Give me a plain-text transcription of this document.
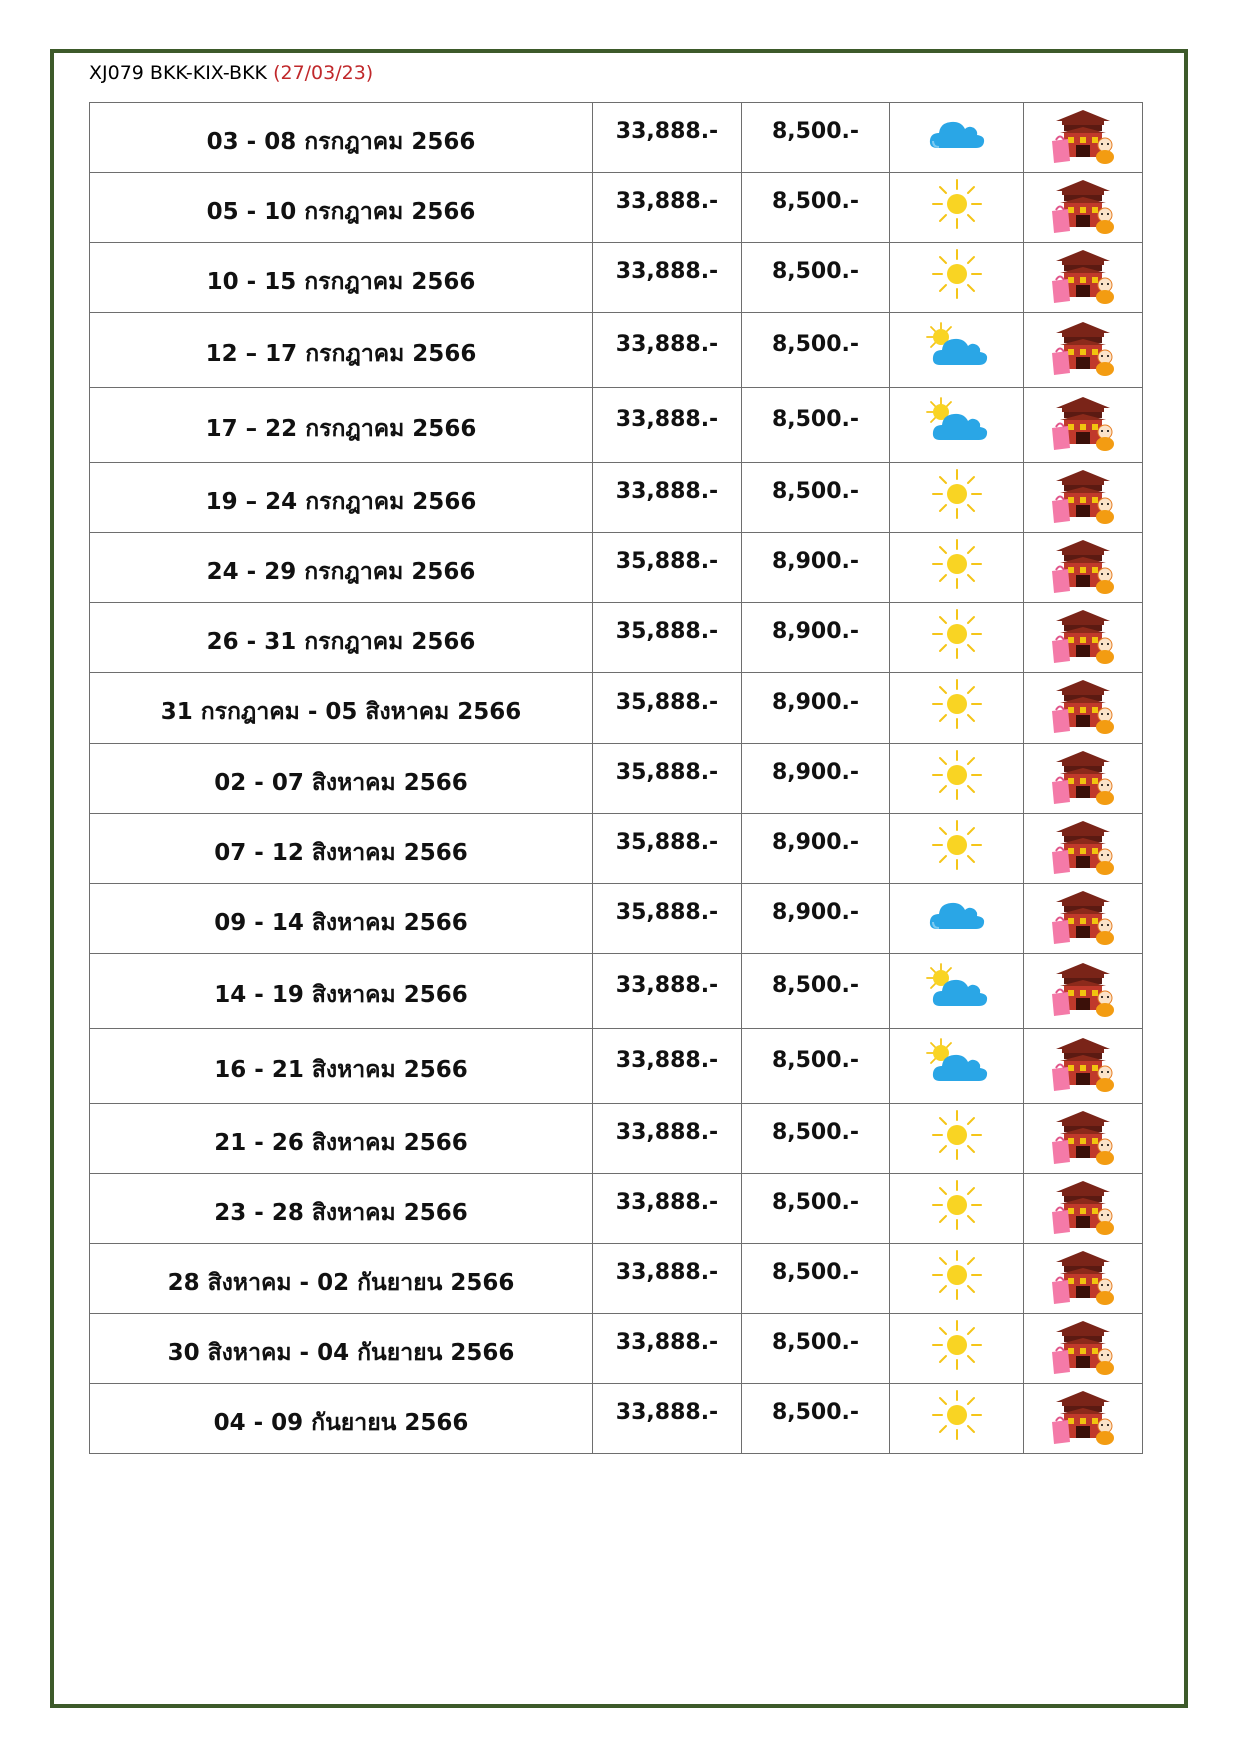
XJ079 BKK-KIX-BKK (27/03/23)
03 - 08 กรกฎาคม 2566	33,888.-	8,500.-	

05 - 10 กรกฎาคม 2566	33,888.-	8,500.-	

10 - 15 กรกฎาคม 2566	33,888.-	8,500.-	

12 – 17 กรกฎาคม 2566	33,888.-	8,500.-	

17 – 22 กรกฎาคม 2566	33,888.-	8,500.-	

19 – 24 กรกฎาคม 2566	33,888.-	8,500.-	

24 - 29 กรกฎาคม 2566	35,888.-	8,900.-	

26 - 31 กรกฎาคม 2566	35,888.-	8,900.-	

31 กรกฎาคม - 05 สิงหาคม 2566	35,888.-	8,900.-	

02 - 07 สิงหาคม 2566	35,888.-	8,900.-	

07 - 12 สิงหาคม 2566	35,888.-	8,900.-	

09 - 14 สิงหาคม 2566	35,888.-	8,900.-	

14 - 19 สิงหาคม 2566	33,888.-	8,500.-	

16 - 21 สิงหาคม 2566	33,888.-	8,500.-	

21 - 26 สิงหาคม 2566	33,888.-	8,500.-	

23 - 28 สิงหาคม 2566	33,888.-	8,500.-	

28 สิงหาคม - 02 กันยายน 2566	33,888.-	8,500.-	

30 สิงหาคม - 04 กันยายน 2566	33,888.-	8,500.-	

04 - 09 กันยายน 2566	33,888.-	8,500.-	
